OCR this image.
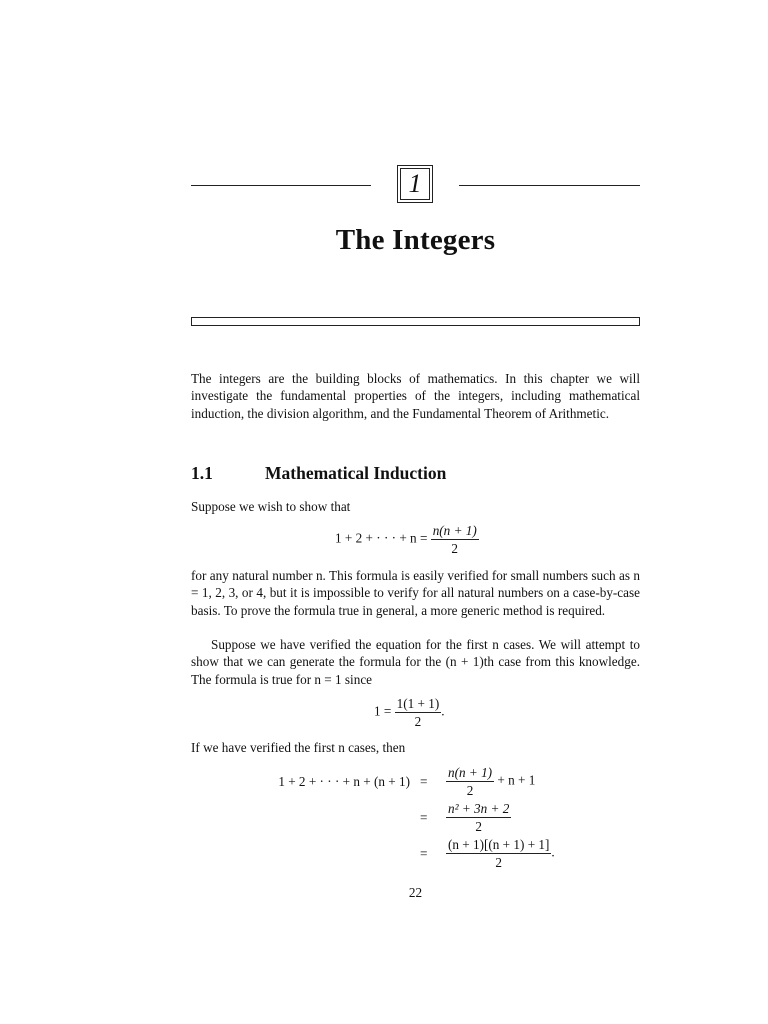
1
The Integers

The integers are the building blocks of mathematics. In this chapter we will investigate the fundamental properties of the integers, including mathematical induction, the division algorithm, and the Fundamental Theorem of Arithmetic.

1.1	Mathematical Induction

Suppose we wish to show that

1 + 2 + · · · + $n = \frac{n(n + 1)}{2}$

for any natural number n. This formula is easily verified for small numbers such as n = 1, 2, 3, or 4, but it is impossible to verify for all natural numbers on a case-by-case basis. To prove the formula true in general, a more generic method is required.

Suppose we have verified the equation for the first n cases. We will attempt to show that we can generate the formula for the (n + 1)th case from this knowledge. The formula is true for n = 1 since

$1 = \frac{1(1 + 1)}{2}$ .

If we have verified the first n cases, then

1 + 2 + · · · + $n + (n + 1) = \frac{n(n + 1)}{2} + n + 1$
= $\frac{\text{n² + 3n + 2}}{2}$
= $\frac{(n + 1)[(n + 1) + 1]}{2}$ .
22
